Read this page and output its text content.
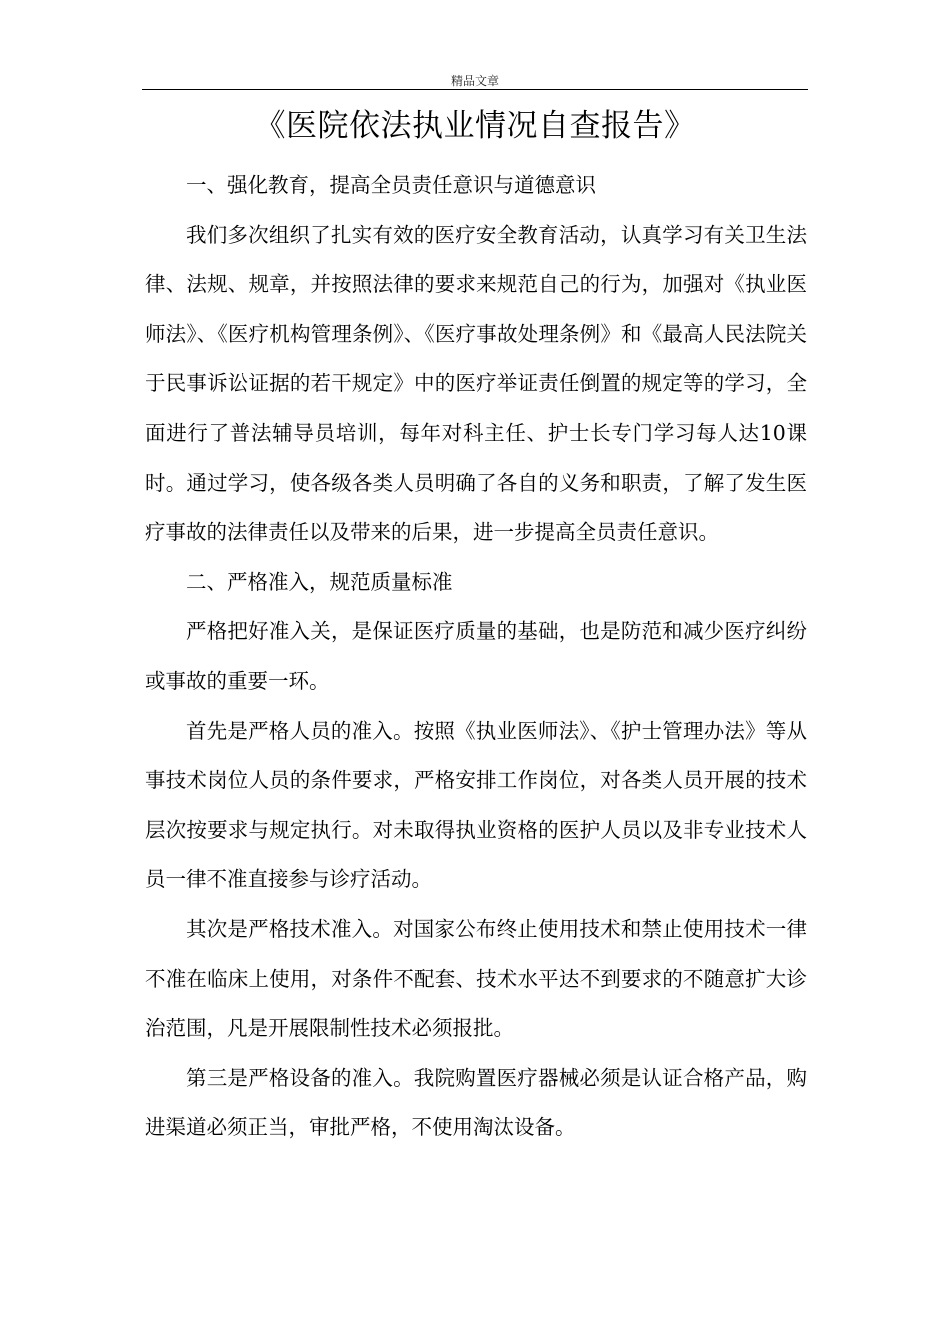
精品文章
《医院依法执业情况自查报告》

一、强化教育，提高全员责任意识与道德意识

我们多次组织了扎实有效的医疗安全教育活动，认真学习有关卫生法律、法规、规章，并按照法律的要求来规范自己的行为，加强对《执业医师法》、《医疗机构管理条例》、《医疗事故处理条例》和《最高人民法院关于民事诉讼证据的若干规定》中的医疗举证责任倒置的规定等的学习，全面进行了普法辅导员培训，每年对科主任、护士长专门学习每人达10课时。通过学习，使各级各类人员明确了各自的义务和职责，了解了发生医疗事故的法律责任以及带来的后果，进一步提高全员责任意识。

二、严格准入，规范质量标准

严格把好准入关，是保证医疗质量的基础，也是防范和减少医疗纠纷或事故的重要一环。

首先是严格人员的准入。按照《执业医师法》、《护士管理办法》等从事技术岗位人员的条件要求，严格安排工作岗位，对各类人员开展的技术层次按要求与规定执行。对未取得执业资格的医护人员以及非专业技术人员一律不准直接参与诊疗活动。

其次是严格技术准入。对国家公布终止使用技术和禁止使用技术一律不准在临床上使用，对条件不配套、技术水平达不到要求的不随意扩大诊治范围，凡是开展限制性技术必须报批。

第三是严格设备的准入。我院购置医疗器械必须是认证合格产品，购进渠道必须正当，审批严格，不使用淘汰设备。
